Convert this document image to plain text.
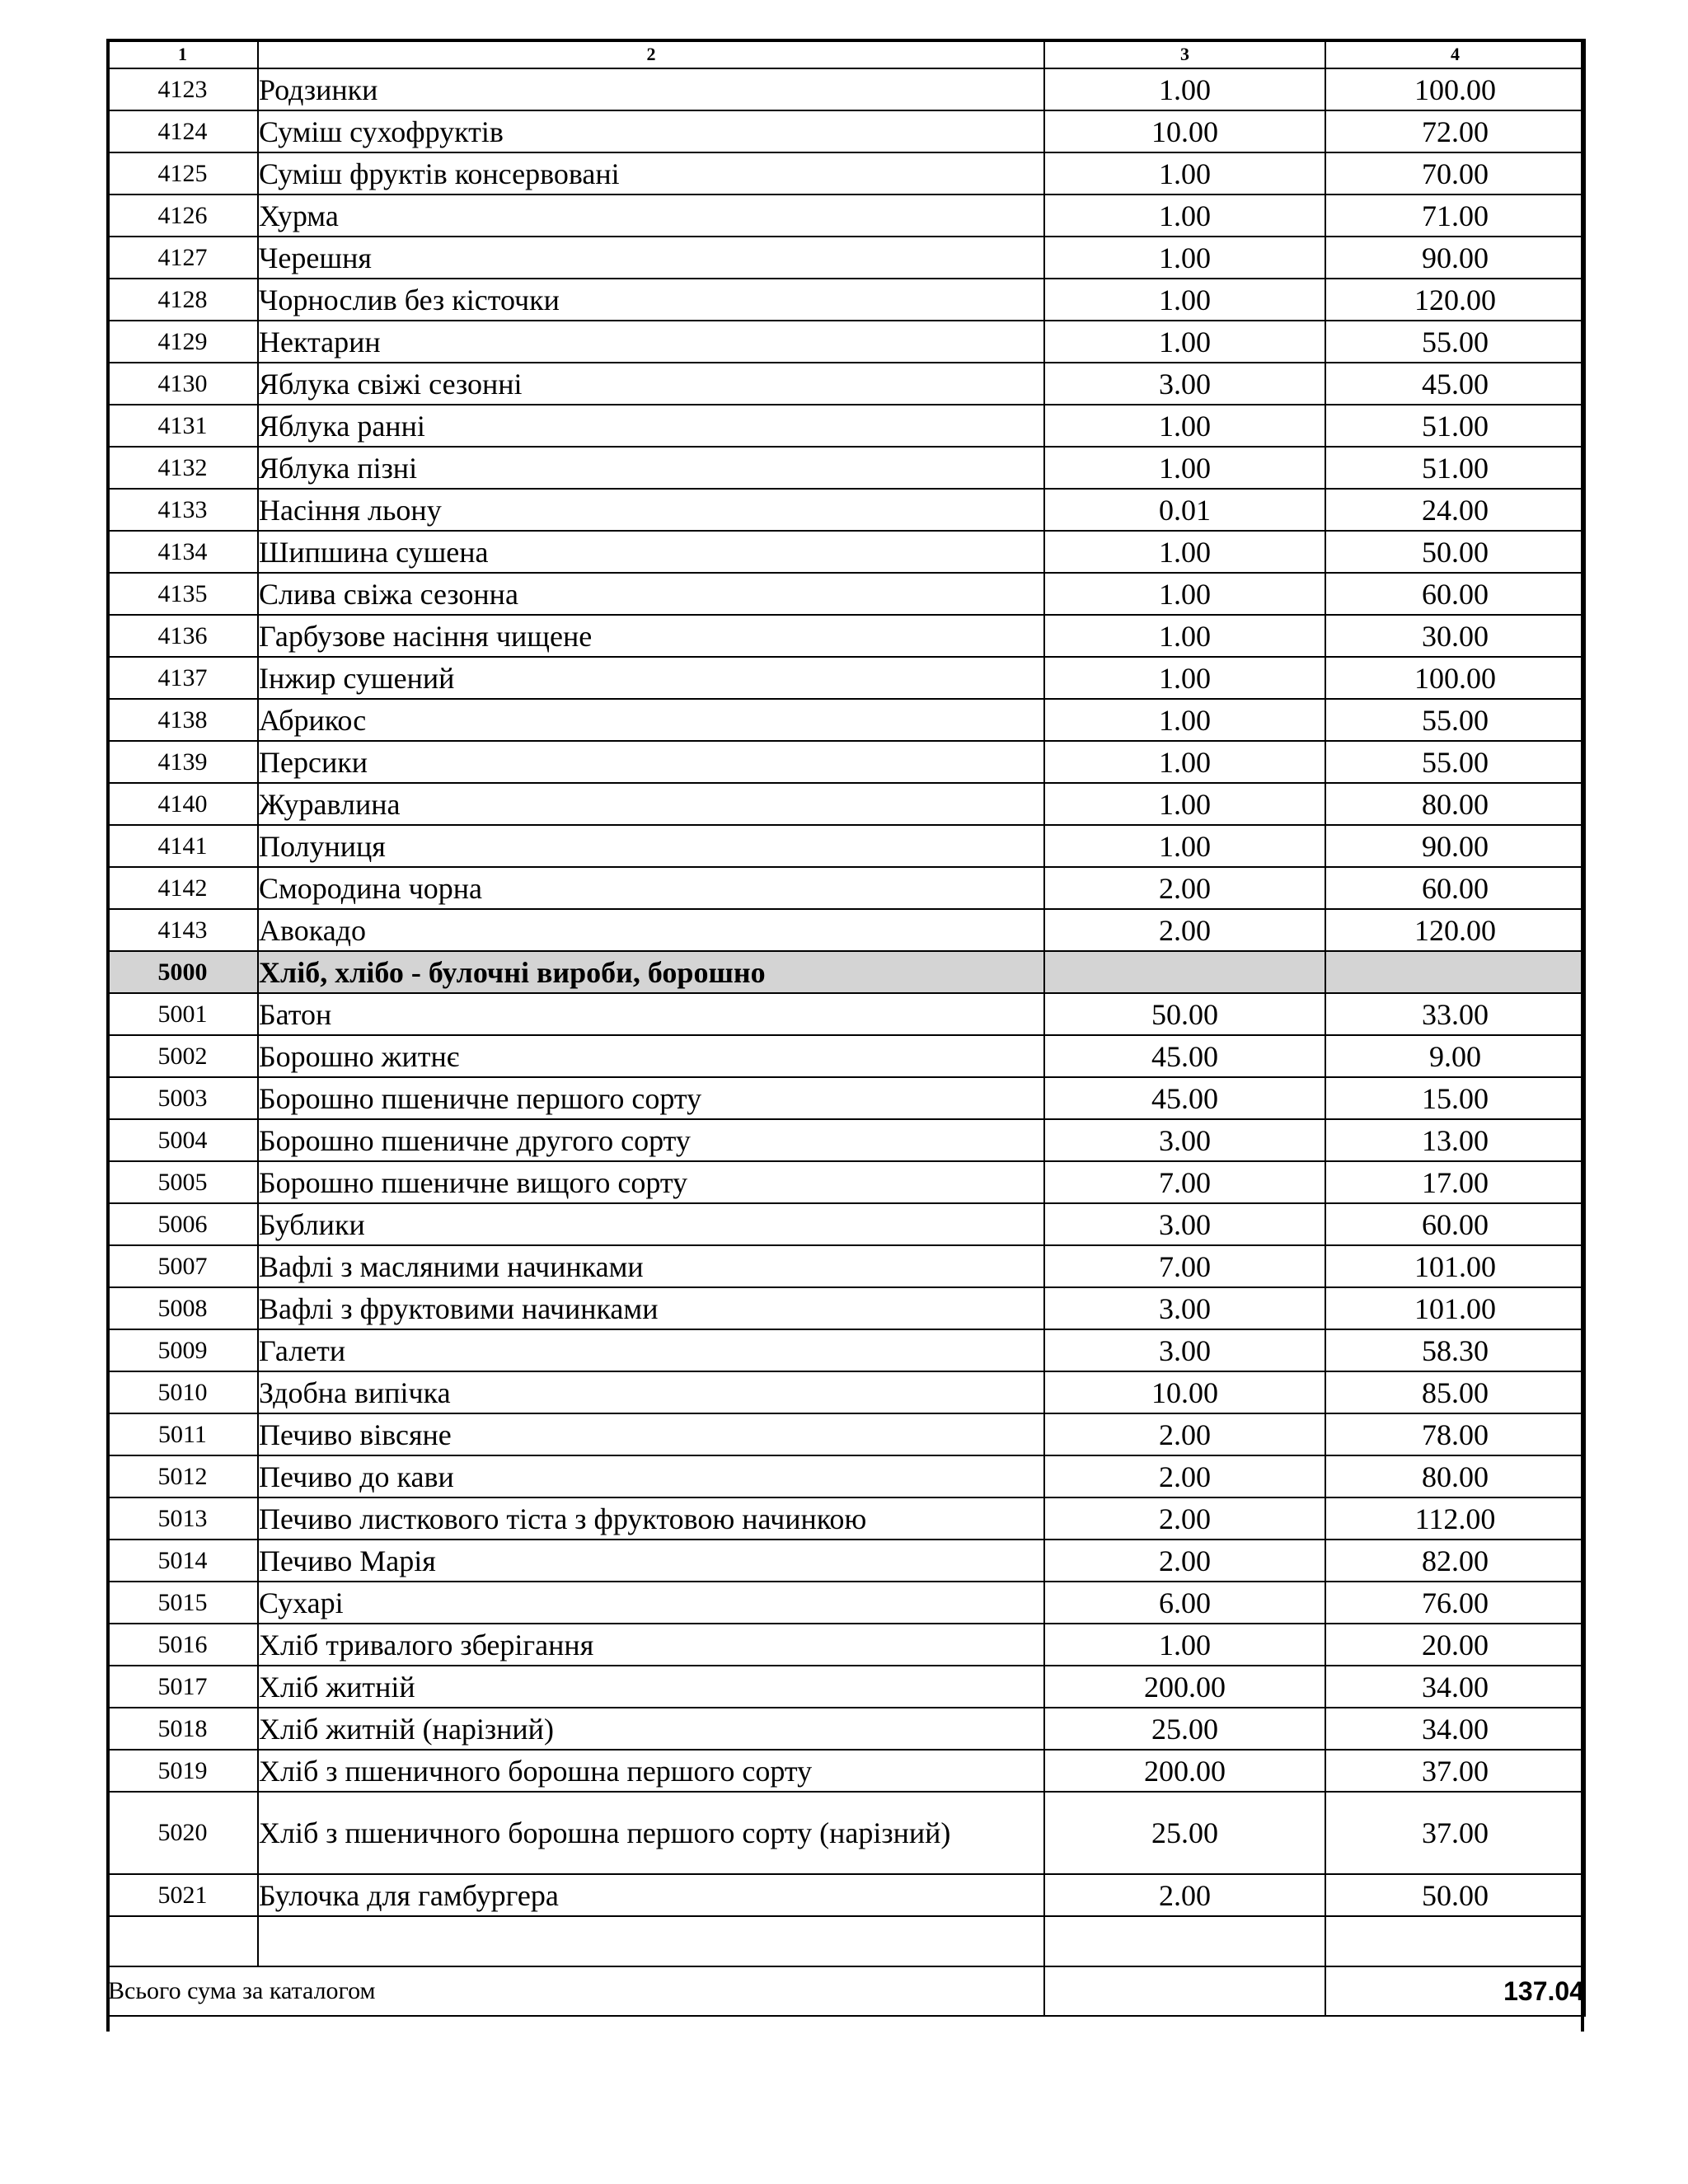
1	2	3	4
4123	Родзинки	1.00	100.00
4124	Суміш сухофруктів	10.00	72.00
4125	Суміш фруктів консервовані	1.00	70.00
4126	Хурма	1.00	71.00
4127	Черешня	1.00	90.00
4128	Чорнослив без кісточки	1.00	120.00
4129	Нектарин	1.00	55.00
4130	Яблука свіжі сезонні	3.00	45.00
4131	Яблука ранні	1.00	51.00
4132	Яблука пізні	1.00	51.00
4133	Насіння льону	0.01	24.00
4134	Шипшина сушена	1.00	50.00
4135	Слива свіжа сезонна	1.00	60.00
4136	Гарбузове насіння чищене	1.00	30.00
4137	Інжир сушений	1.00	100.00
4138	Абрикос	1.00	55.00
4139	Персики	1.00	55.00
4140	Журавлина	1.00	80.00
4141	Полуниця	1.00	90.00
4142	Смородина чорна	2.00	60.00
4143	Авокадо	2.00	120.00
5000	Хліб, хлібо - булочні вироби, борошно		
5001	Батон	50.00	33.00
5002	Борошно житнє	45.00	9.00
5003	Борошно пшеничне першого сорту	45.00	15.00
5004	Борошно пшеничне другого сорту	3.00	13.00
5005	Борошно пшеничне вищого сорту	7.00	17.00
5006	Бублики	3.00	60.00
5007	Вафлі з масляними начинками	7.00	101.00
5008	Вафлі з фруктовими начинками	3.00	101.00
5009	Галети	3.00	58.30
5010	Здобна випічка	10.00	85.00
5011	Печиво вівсяне	2.00	78.00
5012	Печиво до кави	2.00	80.00
5013	Печиво листкового тіста з фруктовою начинкою	2.00	112.00
5014	Печиво Марія	2.00	82.00
5015	Сухарі	6.00	76.00
5016	Хліб тривалого зберігання	1.00	20.00
5017	Хліб житній	200.00	34.00
5018	Хліб житній (нарізний)	25.00	34.00
5019	Хліб з пшеничного борошна першого сорту	200.00	37.00
5020	Хліб з пшеничного борошна першого сорту (нарізний)	25.00	37.00
5021	Булочка для гамбургера	2.00	50.00

Всього сума за каталогом			137.04
